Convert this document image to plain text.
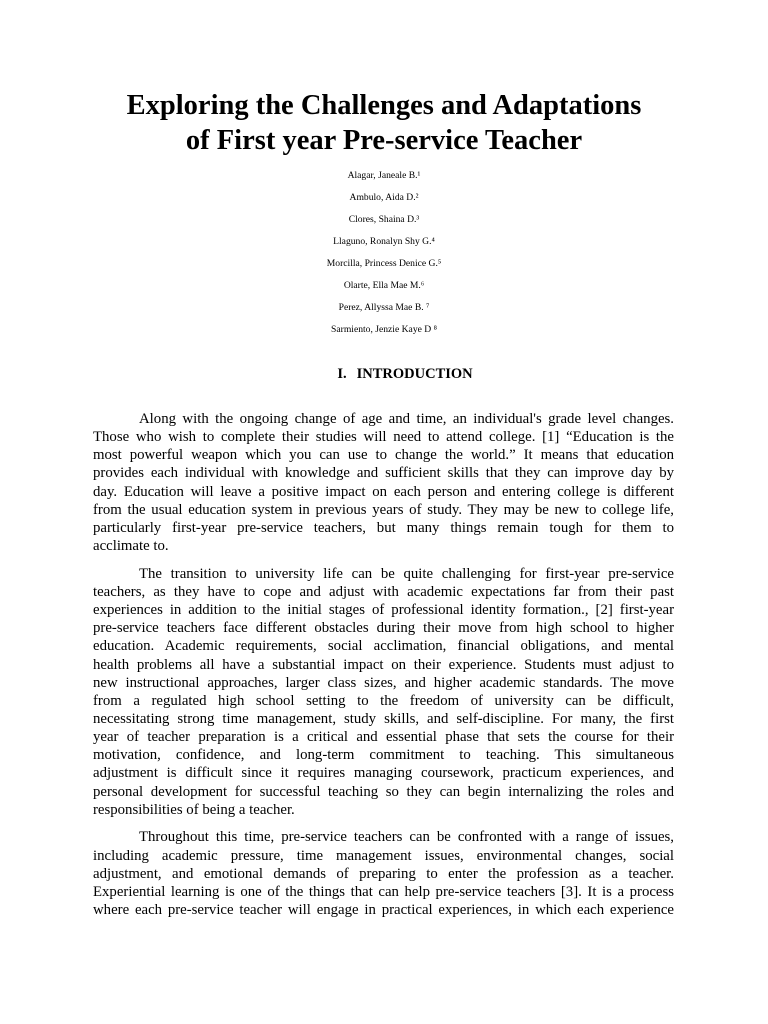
Exploring the Challenges and Adaptations
of First year Pre-service Teacher
Alagar, Janeale B.¹
Ambulo, Aida D.²
Clores, Shaina D.³
Llaguno, Ronalyn Shy G.⁴
Morcilla, Princess Denice G.⁵
Olarte, Ella Mae M.⁶
Perez, Allyssa Mae B. ⁷
Sarmiento, Jenzie Kaye D ⁸
I. INTRODUCTION

Along with the ongoing change of age and time, an individual's grade level changes.
Those who wish to complete their studies will need to attend college. [1] “Education is the
most powerful weapon which you can use to change the world.” It means that education
provides each individual with knowledge and sufficient skills that they can improve day by
day. Education will leave a positive impact on each person and entering college is different
from the usual education system in previous years of study. They may be new to college life,
particularly first-year pre-service teachers, but many things remain tough for them to
acclimate to.

The transition to university life can be quite challenging for first-year pre-service
teachers, as they have to cope and adjust with academic expectations far from their past
experiences in addition to the initial stages of professional identity formation., [2] first-year
pre-service teachers face different obstacles during their move from high school to higher
education. Academic requirements, social acclimation, financial obligations, and mental
health problems all have a substantial impact on their experience. Students must adjust to
new instructional approaches, larger class sizes, and higher academic standards. The move
from a regulated high school setting to the freedom of university can be difficult,
necessitating strong time management, study skills, and self-discipline. For many, the first
year of teacher preparation is a critical and essential phase that sets the course for their
motivation, confidence, and long-term commitment to teaching. This simultaneous
adjustment is difficult since it requires managing coursework, practicum experiences, and
personal development for successful teaching so they can begin internalizing the roles and
responsibilities of being a teacher.

Throughout this time, pre-service teachers can be confronted with a range of issues,
including academic pressure, time management issues, environmental changes, social
adjustment, and emotional demands of preparing to enter the profession as a teacher.
Experiential learning is one of the things that can help pre-service teachers [3]. It is a process
where each pre-service teacher will engage in practical experiences, in which each experience
